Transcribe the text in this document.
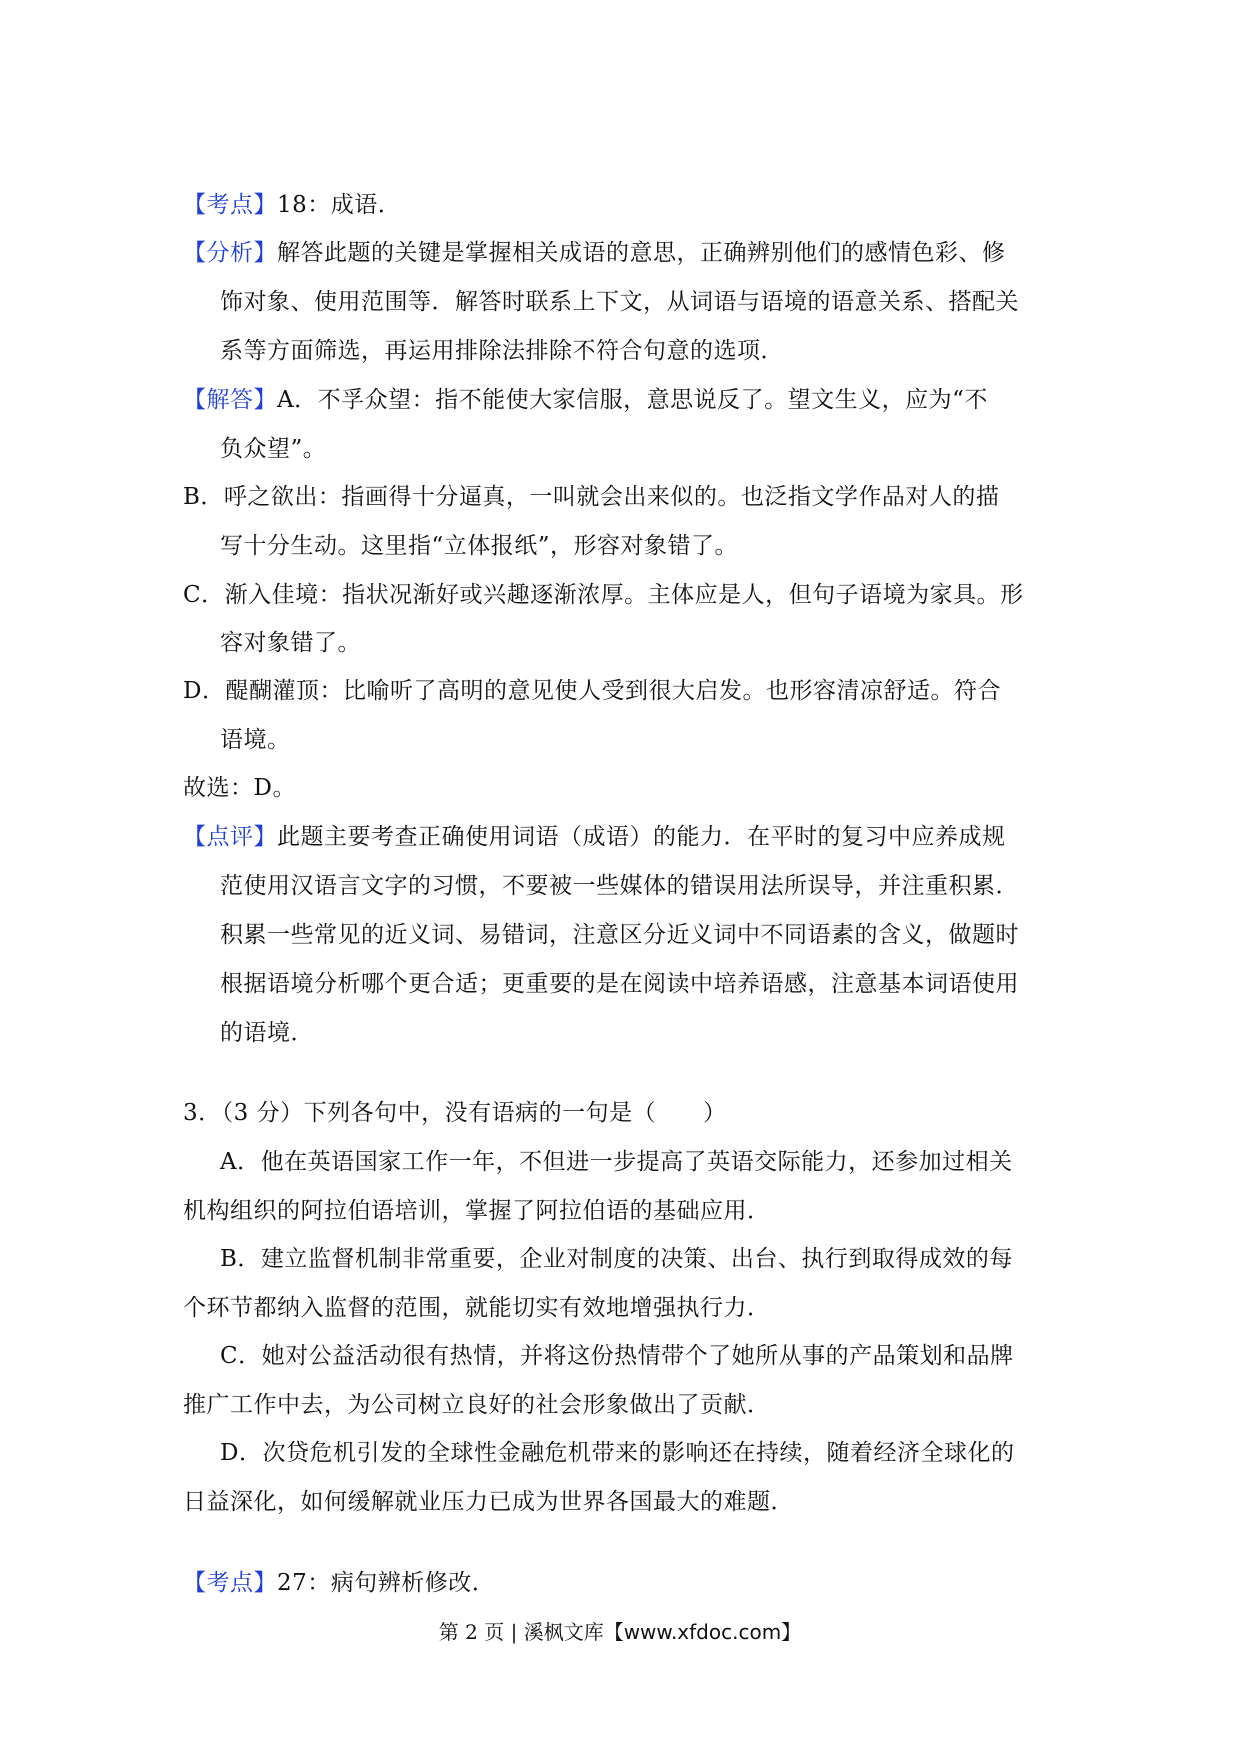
【考点】18：成语．
【分析】解答此题的关键是掌握相关成语的意思，正确辨别他们的感情色彩、修
饰对象、使用范围等．解答时联系上下文，从词语与语境的语意关系、搭配关
系等方面筛选，再运用排除法排除不符合句意的选项．
【解答】A．不孚众望：指不能使大家信服，意思说反了。望文生义，应为“不
负众望”。
B．呼之欲出：指画得十分逼真，一叫就会出来似的。也泛指文学作品对人的描
写十分生动。这里指“立体报纸”，形容对象错了。
C．渐入佳境：指状况渐好或兴趣逐渐浓厚。主体应是人，但句子语境为家具。形
容对象错了。
D．醍醐灌顶：比喻听了高明的意见使人受到很大启发。也形容清凉舒适。符合
语境。
故选：D。
【点评】此题主要考查正确使用词语（成语）的能力．在平时的复习中应养成规
范使用汉语言文字的习惯，不要被一些媒体的错误用法所误导，并注重积累．
积累一些常见的近义词、易错词，注意区分近义词中不同语素的含义，做题时
根据语境分析哪个更合适；更重要的是在阅读中培养语感，注意基本词语使用
的语境．
3．（3 分）下列各句中，没有语病的一句是（　　）
A．他在英语国家工作一年，不但进一步提高了英语交际能力，还参加过相关
机构组织的阿拉伯语培训，掌握了阿拉伯语的基础应用．
B．建立监督机制非常重要，企业对制度的决策、出台、执行到取得成效的每
个环节都纳入监督的范围，就能切实有效地增强执行力．
C．她对公益活动很有热情，并将这份热情带个了她所从事的产品策划和品牌
推广工作中去，为公司树立良好的社会形象做出了贡献．
D．次贷危机引发的全球性金融危机带来的影响还在持续，随着经济全球化的
日益深化，如何缓解就业压力已成为世界各国最大的难题．
【考点】27：病句辨析修改．
第 2 页 | 溪枫文库【www.xfdoc.com】
